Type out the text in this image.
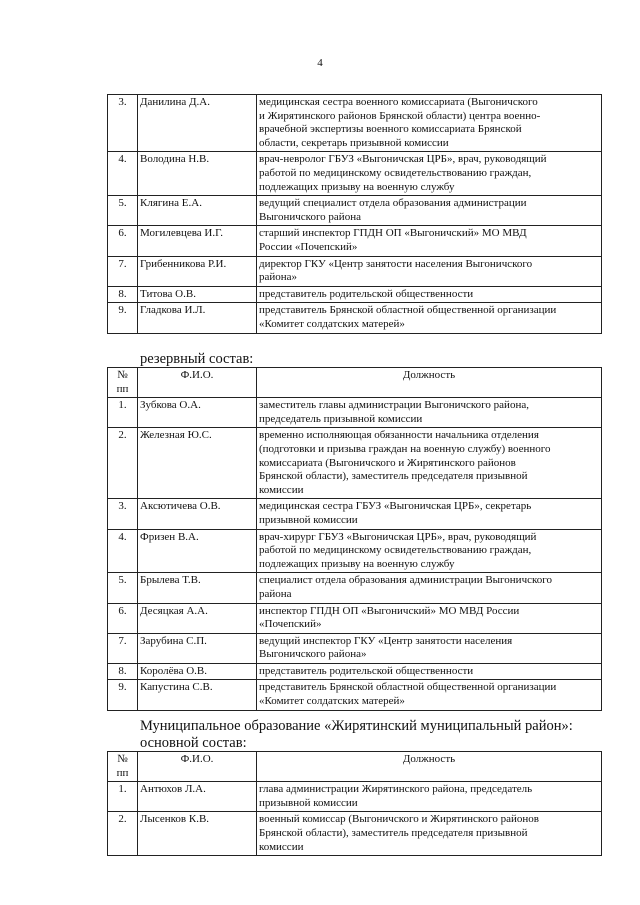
4
3.	Данилина Д.А.	медицинская сестра военного комиссариата (Выгоничского
и Жирятинского районов Брянской области) центра военно-
врачебной экспертизы военного комиссариата Брянской
области, секретарь призывной комиссии

4.	Володина Н.В.	врач-невролог ГБУЗ «Выгоничская ЦРБ», врач, руководящий
работой по медицинскому освидетельствованию граждан,
подлежащих призыву на военную службу

5.	Клягина Е.А.	ведущий специалист отдела образования администрации
Выгоничского района

6.	Могилевцева И.Г.	старший инспектор ГПДН ОП «Выгоничский» МО МВД
России «Почепский»

7.	Грибенникова Р.И.	директор ГКУ «Центр занятости населения Выгоничского
района»

8.	Титова О.В.	представитель родительской общественности

9.	Гладкова И.Л.	представитель Брянской областной общественной организации
«Комитет солдатских матерей»

резервный состав:

№ пп	Ф.И.О.	Должность
1.	Зубкова О.А.	заместитель главы администрации Выгоничского района,
председатель призывной комиссии

2.	Железная Ю.С.	временно исполняющая обязанности начальника отделения
(подготовки и призыва граждан на военную службу) военного
комиссариата (Выгоничского и Жирятинского районов
Брянской области), заместитель председателя призывной
комиссии

3.	Аксютичева О.В.	медицинская сестра ГБУЗ «Выгоничская ЦРБ», секретарь
призывной комиссии

4.	Фризен В.А.	врач-хирург ГБУЗ «Выгоничская ЦРБ», врач, руководящий
работой по медицинскому освидетельствованию граждан,
подлежащих призыву на военную службу

5.	Брылева Т.В.	специалист отдела образования администрации Выгоничского
района

6.	Десяцкая А.А.	инспектор ГПДН ОП «Выгоничский» МО МВД России
«Почепский»

7.	Зарубина С.П.	ведущий инспектор ГКУ «Центр занятости населения
Выгоничского района»

8.	Королёва О.В.	представитель родительской общественности

9.	Капустина С.В.	представитель Брянской областной общественной организации
«Комитет солдатских матерей»

Муниципальное образование «Жирятинский муниципальный район»:

основной состав:

№ пп	Ф.И.О.	Должность
1.	Антюхов Л.А.	глава администрации Жирятинского района, председатель
призывной комиссии

2.	Лысенков К.В.	военный комиссар (Выгоничского и Жирятинского районов
Брянской области), заместитель председателя призывной
комиссии
